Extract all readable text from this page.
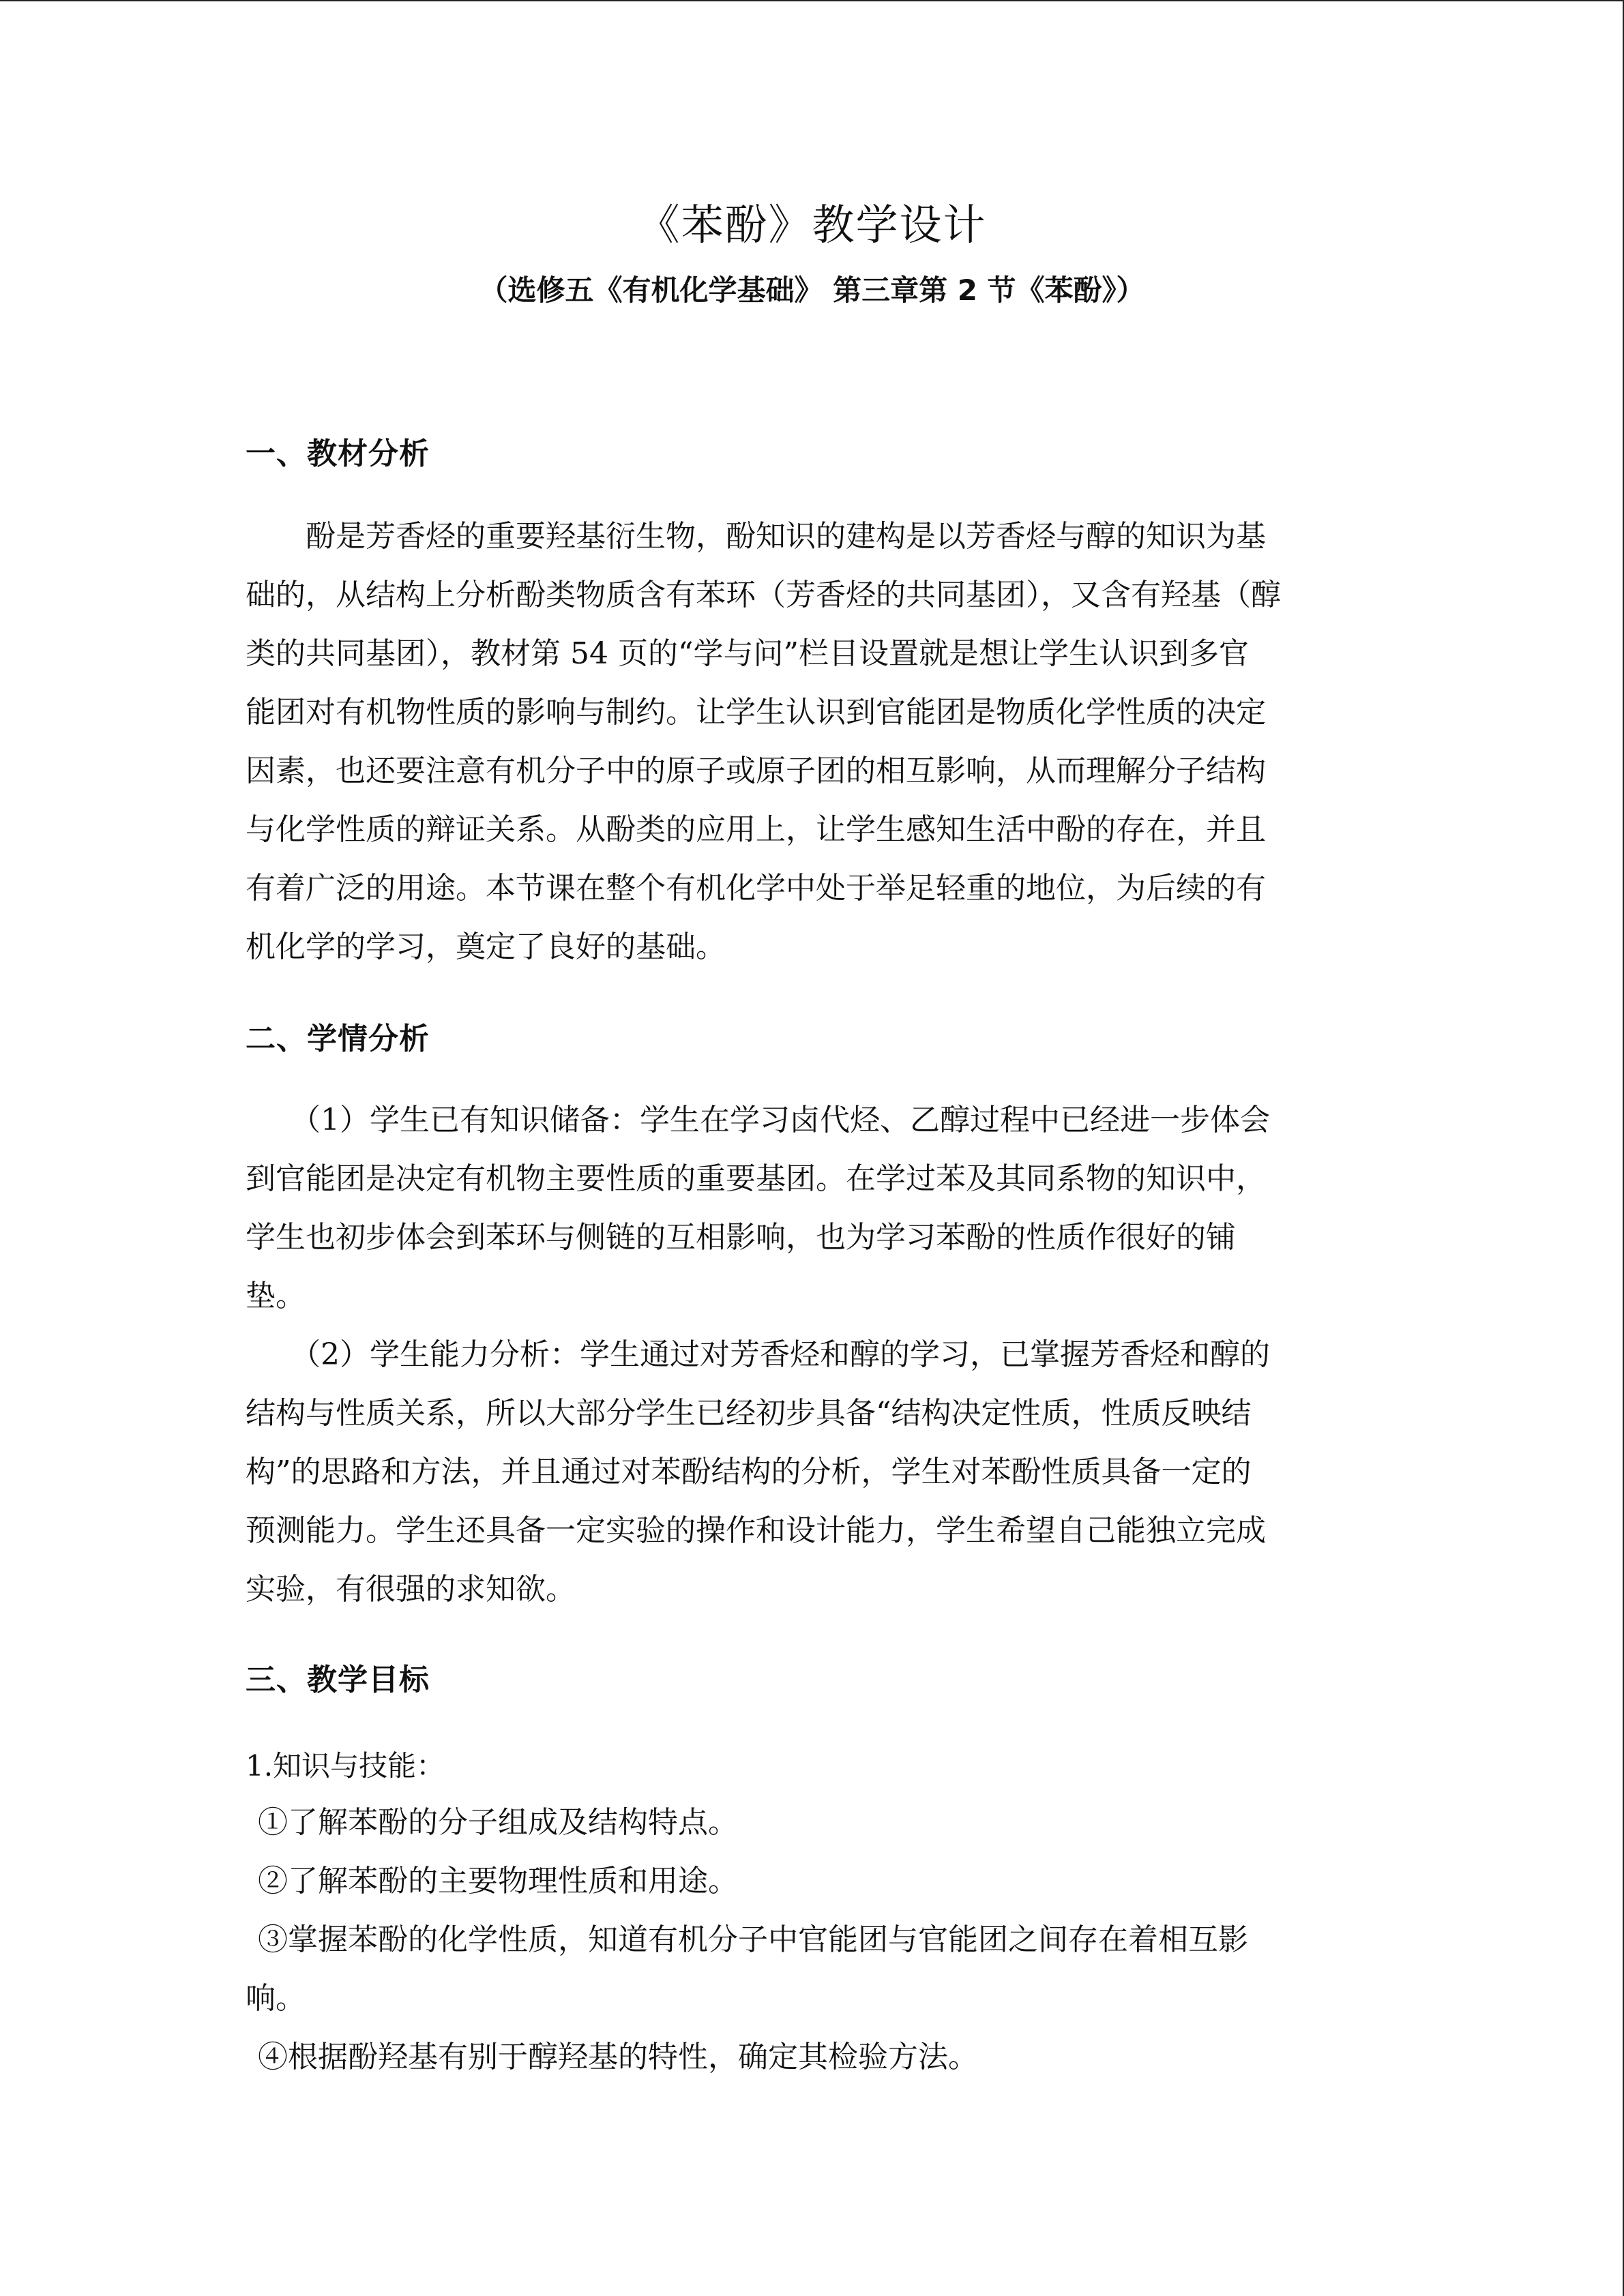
《苯酚》教学设计
（选修五《有机化学基础》 第三章第 2 节《苯酚》）
一、教材分析
　　酚是芳香烃的重要羟基衍生物，酚知识的建构是以芳香烃与醇的知识为基
础的，从结构上分析酚类物质含有苯环（芳香烃的共同基团），又含有羟基（醇
类的共同基团），教材第 54 页的“学与问”栏目设置就是想让学生认识到多官
能团对有机物性质的影响与制约。让学生认识到官能团是物质化学性质的决定
因素，也还要注意有机分子中的原子或原子团的相互影响，从而理解分子结构
与化学性质的辩证关系。从酚类的应用上，让学生感知生活中酚的存在，并且
有着广泛的用途。本节课在整个有机化学中处于举足轻重的地位，为后续的有
机化学的学习，奠定了良好的基础。
二、学情分析
　　（1）学生已有知识储备：学生在学习卤代烃、乙醇过程中已经进一步体会
到官能团是决定有机物主要性质的重要基团。在学过苯及其同系物的知识中，
学生也初步体会到苯环与侧链的互相影响，也为学习苯酚的性质作很好的铺
垫。
　　（2）学生能力分析：学生通过对芳香烃和醇的学习，已掌握芳香烃和醇的
结构与性质关系，所以大部分学生已经初步具备“结构决定性质，性质反映结
构”的思路和方法，并且通过对苯酚结构的分析，学生对苯酚性质具备一定的
预测能力。学生还具备一定实验的操作和设计能力，学生希望自己能独立完成
实验，有很强的求知欲。
三、教学目标
1.知识与技能：
①了解苯酚的分子组成及结构特点。
②了解苯酚的主要物理性质和用途。
③掌握苯酚的化学性质，知道有机分子中官能团与官能团之间存在着相互影
响。
④根据酚羟基有别于醇羟基的特性，确定其检验方法。
